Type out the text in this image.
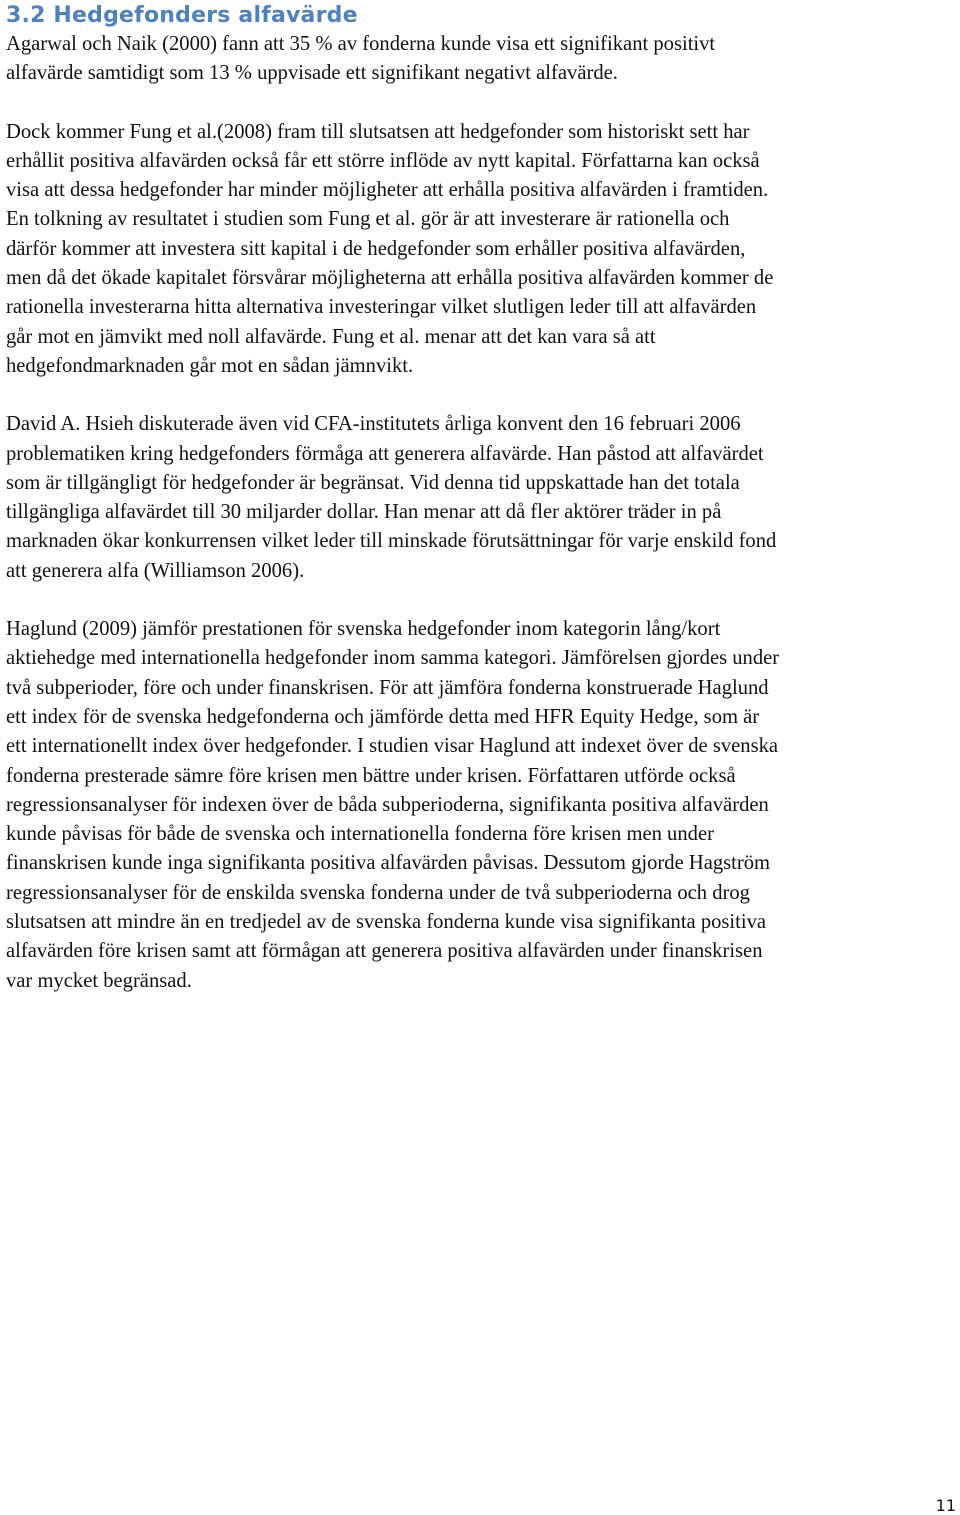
3.2 Hedgefonders alfavärde

Agarwal och Naik (2000) fann att 35 % av fonderna kunde visa ett signifikant positivt
alfavärde samtidigt som 13 % uppvisade ett signifikant negativt alfavärde.

Dock kommer Fung et al.(2008) fram till slutsatsen att hedgefonder som historiskt sett har
erhållit positiva alfavärden också får ett större inflöde av nytt kapital. Författarna kan också
visa att dessa hedgefonder har minder möjligheter att erhålla positiva alfavärden i framtiden.
En tolkning av resultatet i studien som Fung et al. gör är att investerare är rationella och
därför kommer att investera sitt kapital i de hedgefonder som erhåller positiva alfavärden,
men då det ökade kapitalet försvårar möjligheterna att erhålla positiva alfavärden kommer de
rationella investerarna hitta alternativa investeringar vilket slutligen leder till att alfavärden
går mot en jämvikt med noll alfavärde. Fung et al. menar att det kan vara så att
hedgefondmarknaden går mot en sådan jämnvikt.

David A. Hsieh diskuterade även vid CFA-institutets årliga konvent den 16 februari 2006
problematiken kring hedgefonders förmåga att generera alfavärde. Han påstod att alfavärdet
som är tillgängligt för hedgefonder är begränsat. Vid denna tid uppskattade han det totala
tillgängliga alfavärdet till 30 miljarder dollar. Han menar att då fler aktörer träder in på
marknaden ökar konkurrensen vilket leder till minskade förutsättningar för varje enskild fond
att generera alfa (Williamson 2006).

Haglund (2009) jämför prestationen för svenska hedgefonder inom kategorin lång/kort
aktiehedge med internationella hedgefonder inom samma kategori. Jämförelsen gjordes under
två subperioder, före och under finanskrisen. För att jämföra fonderna konstruerade Haglund
ett index för de svenska hedgefonderna och jämförde detta med HFR Equity Hedge, som är
ett internationellt index över hedgefonder. I studien visar Haglund att indexet över de svenska
fonderna presterade sämre före krisen men bättre under krisen. Författaren utförde också
regressionsanalyser för indexen över de båda subperioderna, signifikanta positiva alfavärden
kunde påvisas för både de svenska och internationella fonderna före krisen men under
finanskrisen kunde inga signifikanta positiva alfavärden påvisas. Dessutom gjorde Hagström
regressionsanalyser för de enskilda svenska fonderna under de två subperioderna och drog
slutsatsen att mindre än en tredjedel av de svenska fonderna kunde visa signifikanta positiva
alfavärden före krisen samt att förmågan att generera positiva alfavärden under finanskrisen
var mycket begränsad.

11
